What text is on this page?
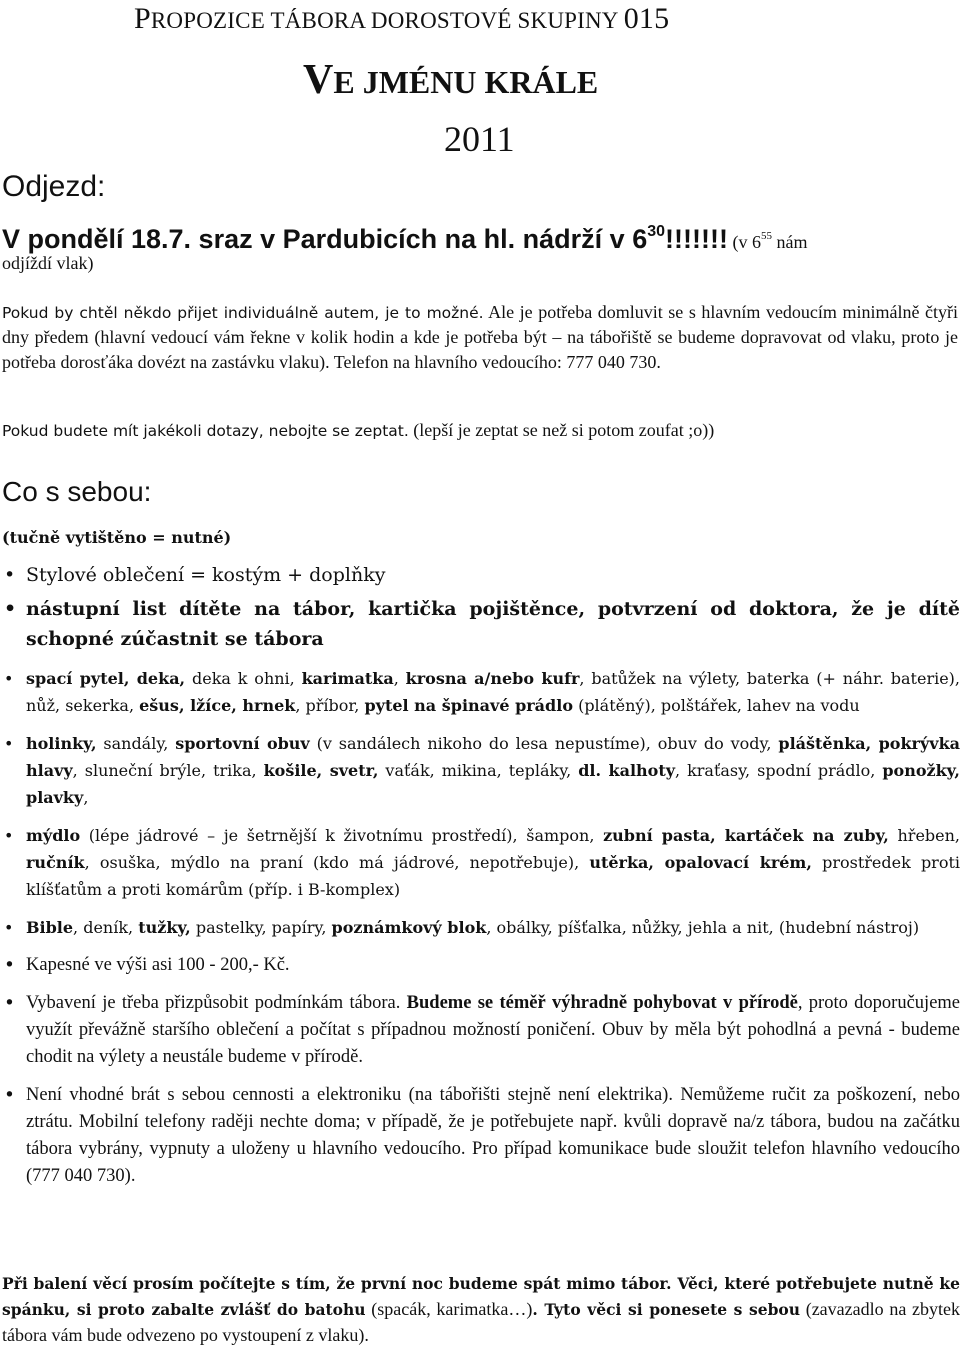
PROPOZICE TÁBORA DOROSTOVÉ SKUPINY 015
VE JMÉNU KRÁLE
2011
Odjezd:
V pondělí 18.7. sraz v Pardubicích na hl. nádrží v $6^{30}$!!!!!!! (v $6^{55}$ nám
odjíždí vlak)
Pokud by chtěl někdo přijet individuálně autem, je to možné. Ale je potřeba domluvit se s hlavním vedoucím minimálně čtyři dny předem (hlavní vedoucí vám řekne v kolik hodin a kde je potřeba být – na tábořiště se budeme dopravovat od vlaku, proto je potřeba dorosťáka dovézt na zastávku vlaku). Telefon na hlavního vedoucího: 777 040 730.
Pokud budete mít jakékoli dotazy, nebojte se zeptat. (lepší je zeptat se než si potom zoufat ;o))
Co s sebou:
(tučně vytištěno = nutné)
• Stylové oblečení = kostým + doplňky
• nástupní list dítěte na tábor, kartička pojištěnce, potvrzení od doktora, že je dítě schopné zúčastnit se tábora
• spací pytel, deka, deka k ohni, karimatka, krosna a/nebo kufr, batůžek na výlety, baterka (+ náhr. baterie), nůž, sekerka, ešus, lžíce, hrnek, příbor, pytel na špinavé prádlo (plátěný), polštářek, lahev na vodu
• holinky, sandály, sportovní obuv (v sandálech nikoho do lesa nepustíme), obuv do vody, pláštěnka, pokrývka hlavy, sluneční brýle, trika, košile, svetr, vaťák, mikina, tepláky, dl. kalhoty, kraťasy, spodní prádlo, ponožky, plavky,
• mýdlo (lépe jádrové – je šetrnější k životnímu prostředí), šampon, zubní pasta, kartáček na zuby, hřeben, ručník, osuška, mýdlo na praní (kdo má jádrové, nepotřebuje), utěrka, opalovací krém, prostředek proti klíšťatům a proti komárům (příp. i B-komplex)
• Bible, deník, tužky, pastelky, papíry, poznámkový blok, obálky, píšťalka, nůžky, jehla a nit, (hudební nástroj)
• Kapesné ve výši asi 100 - 200,- Kč.
• Vybavení je třeba přizpůsobit podmínkám tábora. Budeme se téměř výhradně pohybovat v přírodě, proto doporučujeme využít převážně staršího oblečení a počítat s případnou možností poničení. Obuv by měla být pohodlná a pevná - budeme chodit na výlety a neustále budeme v přírodě.
• Není vhodné brát s sebou cennosti a elektroniku (na tábořišti stejně není elektrika). Nemůžeme ručit za poškození, nebo ztrátu. Mobilní telefony raději nechte doma; v případě, že je potřebujete např. kvůli dopravě na/z tábora, budou na začátku tábora vybrány, vypnuty a uloženy u hlavního vedoucího. Pro případ komunikace bude sloužit telefon hlavního vedoucího (777 040 730).
Při balení věcí prosím počítejte s tím, že první noc budeme spát mimo tábor. Věci, které potřebujete nutně ke spánku, si proto zabalte zvlášť do batohu (spacák, karimatka…). Tyto věci si ponesete s sebou (zavazadlo na zbytek tábora vám bude odvezeno po vystoupení z vlaku).
